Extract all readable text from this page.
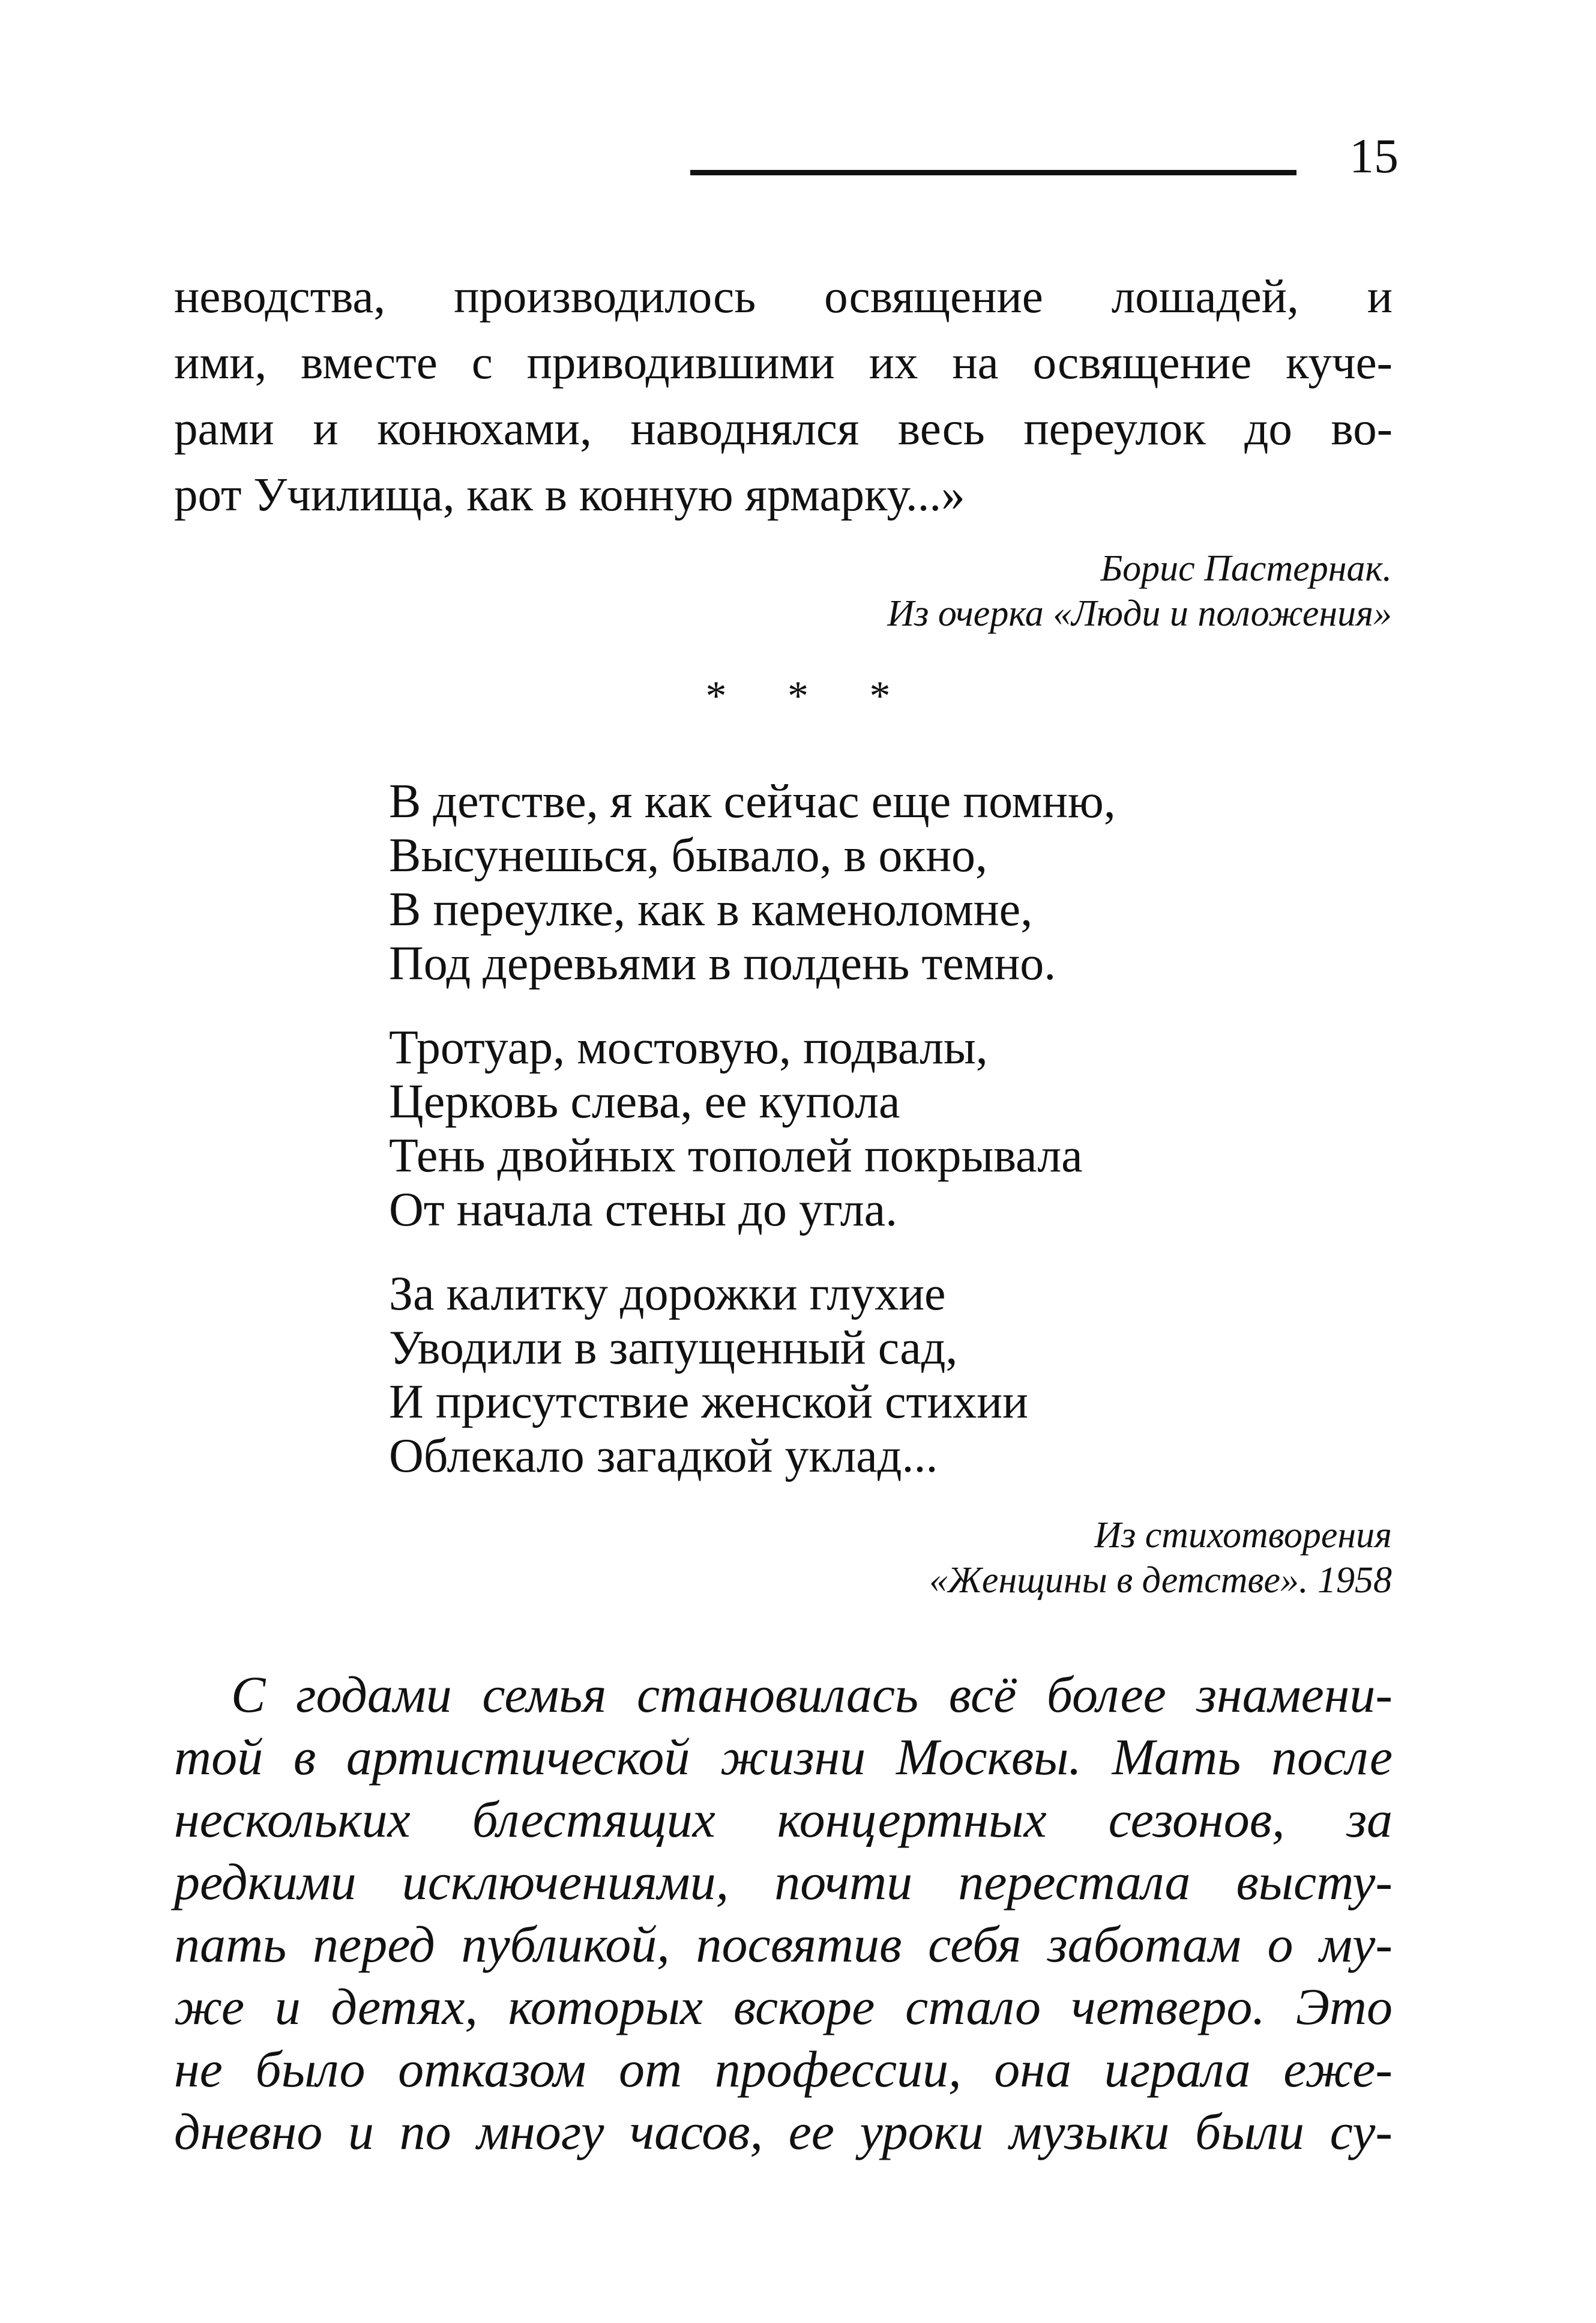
15
неводства, производилось освящение лошадей, и
ими, вместе с приводившими их на освящение куче-
рами и конюхами, наводнялся весь переулок до во-
рот Училища, как в конную ярмарку...»
Борис Пастернак.
Из очерка «Люди и положения»
* * *
В детстве, я как сейчас еще помню,
Высунешься, бывало, в окно,
В переулке, как в каменоломне,
Под деревьями в полдень темно.
Тротуар, мостовую, подвалы,
Церковь слева, ее купола
Тень двойных тополей покрывала
От начала стены до угла.
За калитку дорожки глухие
Уводили в запущенный сад,
И присутствие женской стихии
Облекало загадкой уклад...
Из стихотворения
«Женщины в детстве». 1958
С годами семья становилась всё более знамени-
той в артистической жизни Москвы. Мать после
нескольких блестящих концертных сезонов, за
редкими исключениями, почти перестала высту-
пать перед публикой, посвятив себя заботам о му-
же и детях, которых вскоре стало четверо. Это
не было отказом от профессии, она играла еже-
дневно и по многу часов, ее уроки музыки были су-
